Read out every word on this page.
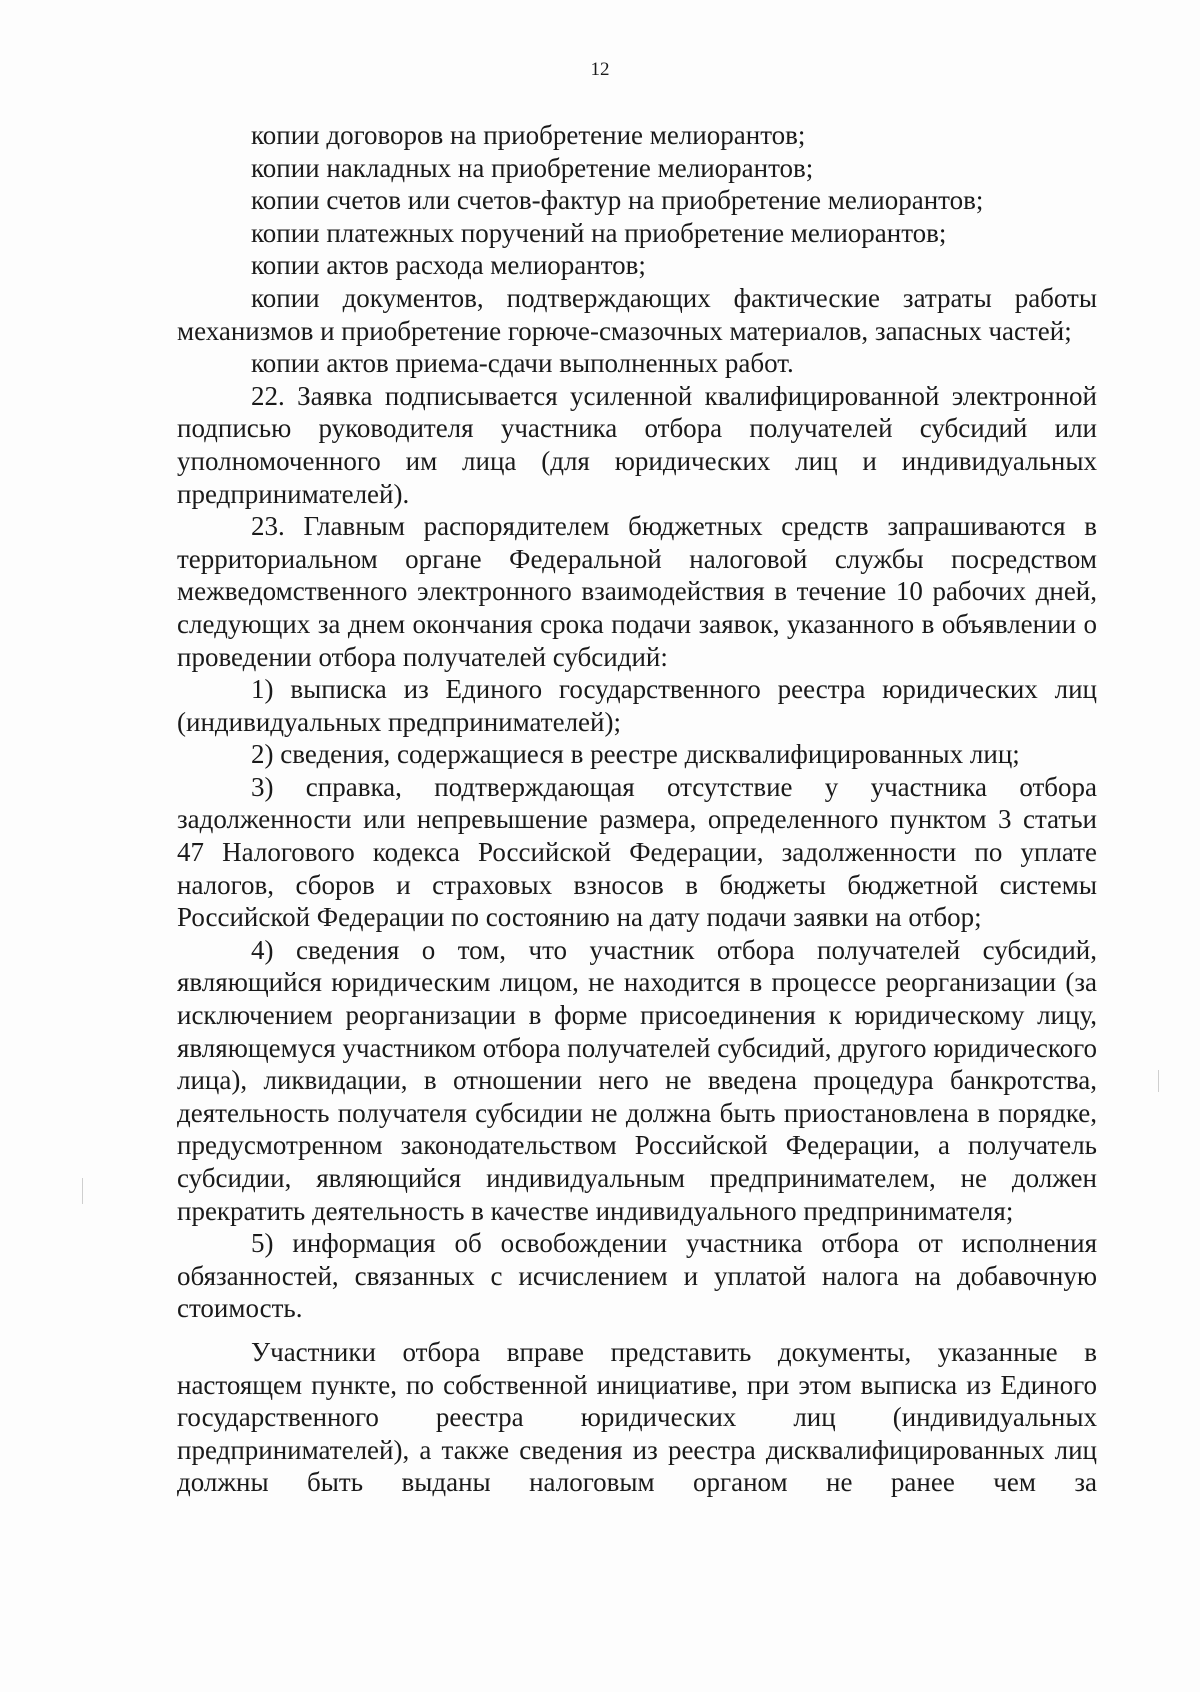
12

копии договоров на приобретение мелиорантов;

копии накладных на приобретение мелиорантов;

копии счетов или счетов-фактур на приобретение мелиорантов;

копии платежных поручений на приобретение мелиорантов;

копии актов расхода мелиорантов;

копии документов, подтверждающих фактические затраты работы механизмов и приобретение горюче-смазочных материалов, запасных частей;

копии актов приема-сдачи выполненных работ.

22. Заявка подписывается усиленной квалифицированной электронной подписью руководителя участника отбора получателей субсидий или уполномоченного им лица (для юридических лиц и индивидуальных предпринимателей).

23. Главным распорядителем бюджетных средств запрашиваются в территориальном органе Федеральной налоговой службы посредством межведомственного электронного взаимодействия в течение 10 рабочих дней, следующих за днем окончания срока подачи заявок, указанного в объявлении о проведении отбора получателей субсидий:

1) выписка из Единого государственного реестра юридических лиц (индивидуальных предпринимателей);

2) сведения, содержащиеся в реестре дисквалифицированных лиц;

3) справка, подтверждающая отсутствие у участника отбора задолженности или непревышение размера, определенного пунктом 3 статьи 47 Налогового кодекса Российской Федерации, задолженности по уплате налогов, сборов и страховых взносов в бюджеты бюджетной системы Российской Федерации по состоянию на дату подачи заявки на отбор;

4) сведения о том, что участник отбора получателей субсидий, являющийся юридическим лицом, не находится в процессе реорганизации (за исключением реорганизации в форме присоединения к юридическому лицу, являющемуся участником отбора получателей субсидий, другого юридического лица), ликвидации, в отношении него не введена процедура банкротства, деятельность получателя субсидии не должна быть приостановлена в порядке, предусмотренном законодательством Российской Федерации, а получатель субсидии, являющийся индивидуальным предпринимателем, не должен прекратить деятельность в качестве индивидуального предпринимателя;

5) информация об освобождении участника отбора от исполнения обязанностей, связанных с исчислением и уплатой налога на добавочную стоимость.

Участники отбора вправе представить документы, указанные в настоящем пункте, по собственной инициативе, при этом выписка из Единого государственного реестра юридических лиц (индивидуальных предпринимателей), а также сведения из реестра дисквалифицированных лиц должны быть выданы налоговым органом не ранее чем за
